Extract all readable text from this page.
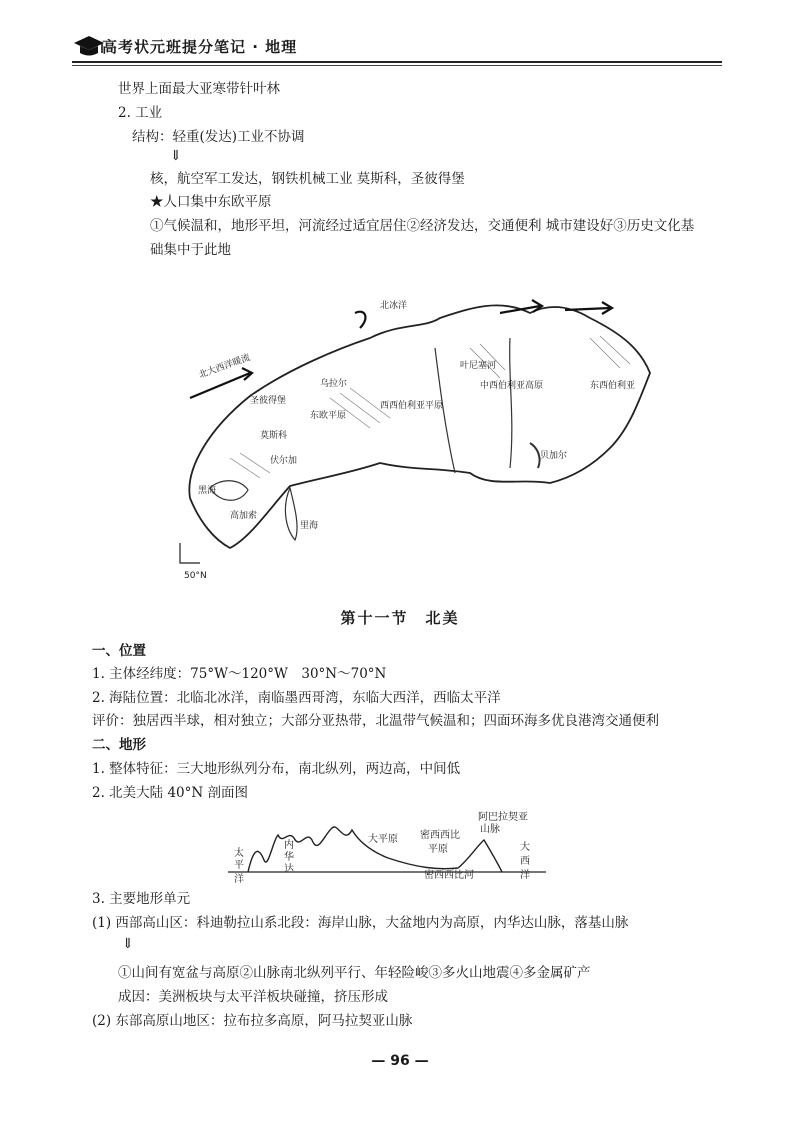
高考状元班提分笔记 · 地理
世界上面最大亚寒带针叶林
2. 工业
结构：轻重(发达)工业不协调
⇓
核，航空军工发达，钢铁机械工业 莫斯科，圣彼得堡
★人口集中东欧平原
①气候温和，地形平坦，河流经过适宜居住②经济发达，交通便利 城市建设好③历史文化基
础集中于此地
北大西洋暖流
北冰洋
圣彼得堡
乌拉尔
东欧平原
莫斯科
伏尔加
高加索
黑海
里海
西西伯利亚平原
叶尼塞河
中西伯利亚高原
贝加尔
东西伯利亚
50°N
第十一节　北美
一、位置
1. 主体经纬度：75°W～120°W　30°N～70°N
2. 海陆位置：北临北冰洋，南临墨西哥湾，东临大西洋，西临太平洋
评价：独居西半球，相对独立；大部分亚热带，北温带气候温和；四面环海多优良港湾交通便利
二、地形
1. 整体特征：三大地形纵列分布，南北纵列，两边高，中间低
2. 北美大陆 40°N 剖面图
太
平
洋
内
华
达
大平原 密西西比
平原
阿巴拉契亚
山脉
密西西比河
大
西
洋
3. 主要地形单元
(1) 西部高山区：科迪勒拉山系北段：海岸山脉，大盆地内为高原，内华达山脉，落基山脉
⇓
①山间有宽盆与高原②山脉南北纵列平行、年轻险峻③多火山地震④多金属矿产
成因：美洲板块与太平洋板块碰撞，挤压形成
(2) 东部高原山地区：拉布拉多高原，阿马拉契亚山脉
— 96 —
